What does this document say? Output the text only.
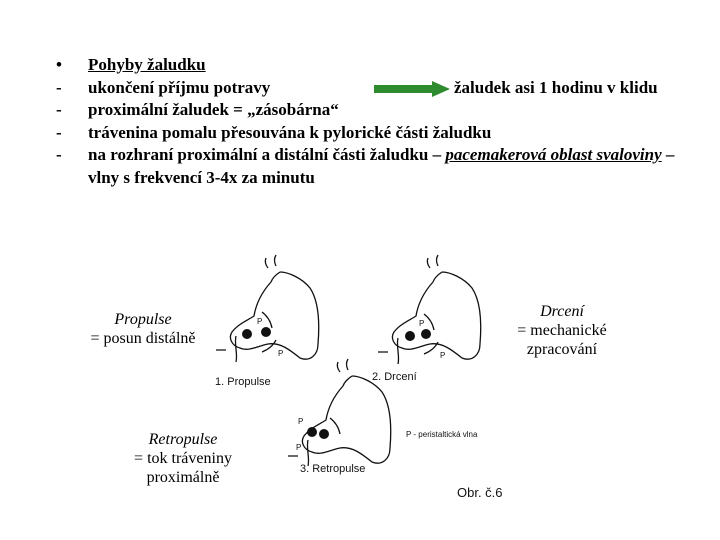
•	Pohyby žaludku
-	ukončení příjmu potravy	žaludek asi 1 hodinu v klidu
-	proximální žaludek = „zásobárna“
-	trávenina pomalu přesouvána k pylorické části žaludku
-	na rozhraní proximální a distální části žaludku – pacemakerová oblast svaloviny – vlny s frekvencí 3-4x za minutu
Propulse
= posun distálně
Drcení
= mechanické zpracování
Retropulse
= tok tráveniny proximálně
P
P
1. Propulse
P
P
2. Drcení
P
P
3. Retropulse
P - peristaltická vlna
Obr. č.6
